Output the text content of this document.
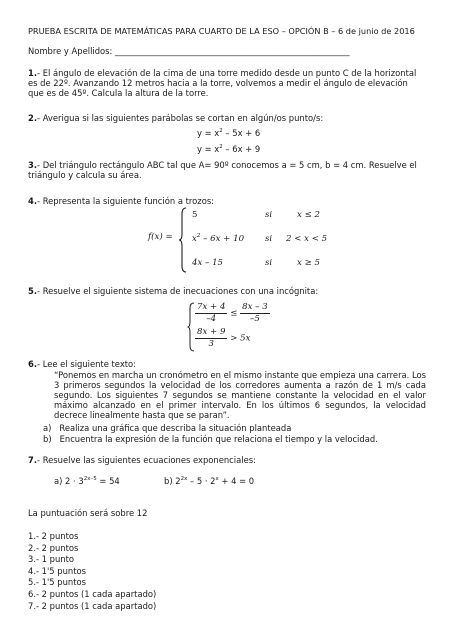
PRUEBA ESCRITA DE MATEMÁTICAS PARA CUARTO DE LA ESO – OPCIÓN B – 6 de junio de 2016
Nombre y Apellidos: ________________________________________________________
1.- El ángulo de elevación de la cima de una torre medido desde un punto C de la horizontal es de 22º. Avanzando 12 metros hacia a la torre, volvemos a medir el ángulo de elevación que es de 45º. Calcula la altura de la torre.
2.- Averigua si las siguientes parábolas se cortan en algún/os punto/s:
$y = x^2 - 5x + 6$
$y = x^2 - 6x + 9$
3.- Del triángulo rectángulo ABC tal que A= 90º conocemos a = 5 cm, b = 4 cm. Resuelve el triángulo y calcula su área.
4.- Representa la siguiente función a trozos:
f(x) =
5	si	x ≤ 2
$x^2 - 6x + 10$ si 2 < x < 5
4x – 15	si	x ≥ 5
5.- Resuelve el siguiente sistema de inecuaciones con una incógnita:
$\frac{7x + 4}{-4} \le \frac{8x - 3}{-5}$
$\frac{8x + 9}{3} > 5x$
6.- Lee el siguiente texto:
“Ponemos en marcha un cronómetro en el mismo instante que empieza una carrera. Los 3 primeros segundos la velocidad de los corredores aumenta a razón de 1 m/s cada segundo. Los siguientes 7 segundos se mantiene constante la velocidad en el valor máximo alcanzado en el primer intervalo. En los últimos 6 segundos, la velocidad decrece linealmente hasta que se paran”.
a) Realiza una gráfica que describa la situación planteada
b) Encuentra la expresión de la función que relaciona el tiempo y la velocidad.
7.- Resuelve las siguientes ecuaciones exponenciales:
a) $2 \cdot 3^{2x-5} = 54$	b) $2^{2x} - 5 \cdot 2^x + 4 = 0$
La puntuación será sobre 12
1.- 2 puntos
2.- 2 puntos
3.- 1 punto
4.- 1'5 puntos
5.- 1'5 puntos
6.- 2 puntos (1 cada apartado)
7.- 2 puntos (1 cada apartado)
